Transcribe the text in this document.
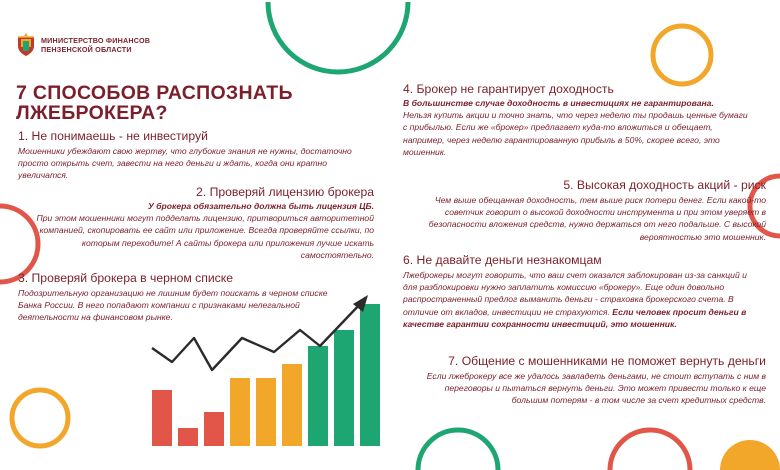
МИНИСТЕРСТВО ФИНАНСОВ
ПЕНЗЕНСКОЙ ОБЛАСТИ
7 СПОСОБОВ РАСПОЗНАТЬ
ЛЖЕБРОКЕРА?
1. Не понимаешь - не инвестируй
Мошенники убеждают свою жертву, что глубокие знания не нужны, достаточно просто открыть счет, завести на него деньги и ждать, когда они кратно увеличатся.
2. Проверяй лицензию брокера
У брокера обязательно должна быть лицензия ЦБ.
При этом мошенники могут подделать лицензию, притвориться авторитетной компанией, скопировать ее сайт или приложение. Всегда проверяйте ссылки, по которым переходите! А сайты брокера или приложения лучше искать самостоятельно.
3. Проверяй брокера в черном списке
Подозрительную организацию не лишним будет поискать в черном списке Банка России. В него попадают компании с признаками нелегальной деятельности на финансовом рынке.
4. Брокер не гарантирует доходность
В большинстве случае доходность в инвестициях не гарантирована.
Нельзя купить акции и точно знать, что через неделю ты продашь ценные бумаги с прибылью. Если же «брокер» предлагает куда-то вложиться и обещает, например, через неделю гарантированную прибыль в 50%, скорее всего, это мошенник.
5. Высокая доходность акций - риск
Чем выше обещанная доходность, тем выше риск потери денег. Если какой-то советчик говорит о высокой доходности инструмента и при этом уверяет в безопасности вложения средств, нужно держаться от него подальше. С высокой вероятностью это мошенник.
6. Не давайте деньги незнакомцам
Лжеброкеры могут говорить, что ваш счет оказался заблокирован из-за санкций и для разблокировки нужно заплатить комиссию «брокеру». Еще один довольно распространенный предлог выманить деньги - страховка брокерского счета. В отличие от вкладов, инвестиции не страхуются. Если человек просит деньги в качестве гарантии сохранности инвестиций, это мошенник.
7. Общение с мошенниками не поможет вернуть деньги
Если лжеброкеру все же удалось завладеть деньгами, не стоит вступать с ним в переговоры и пытаться вернуть деньги. Это может привести только к еще большим потерям - в том числе за счет кредитных средств.
